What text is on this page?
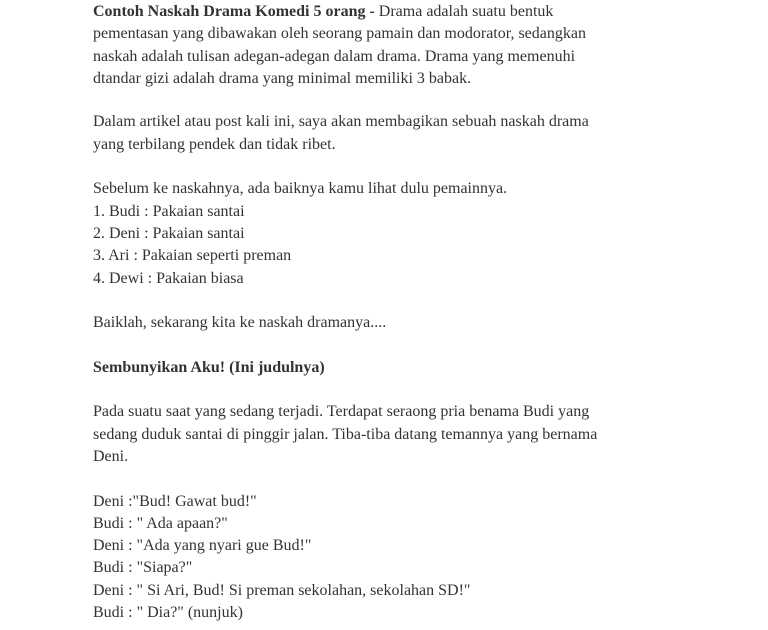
Contoh Naskah Drama Komedi 5 orang - Drama adalah suatu bentuk

pementasan yang dibawakan oleh seorang pamain dan modorator, sedangkan

naskah adalah tulisan adegan-adegan dalam drama. Drama yang memenuhi

dtandar gizi adalah drama yang minimal memiliki 3 babak.

Dalam artikel atau post kali ini, saya akan membagikan sebuah naskah drama

yang terbilang pendek dan tidak ribet.

Sebelum ke naskahnya, ada baiknya kamu lihat dulu pemainnya.

1. Budi : Pakaian santai

2. Deni : Pakaian santai

3. Ari : Pakaian seperti preman

4. Dewi : Pakaian biasa

Baiklah, sekarang kita ke naskah dramanya....

Sembunyikan Aku! (Ini judulnya)

Pada suatu saat yang sedang terjadi. Terdapat seraong pria benama Budi yang

sedang duduk santai di pinggir jalan. Tiba-tiba datang temannya yang bernama

Deni.

Deni :"Bud! Gawat bud!"

Budi : " Ada apaan?"

Deni : "Ada yang nyari gue Bud!"

Budi : "Siapa?"

Deni : " Si Ari, Bud! Si preman sekolahan, sekolahan SD!"

Budi : " Dia?" (nunjuk)
